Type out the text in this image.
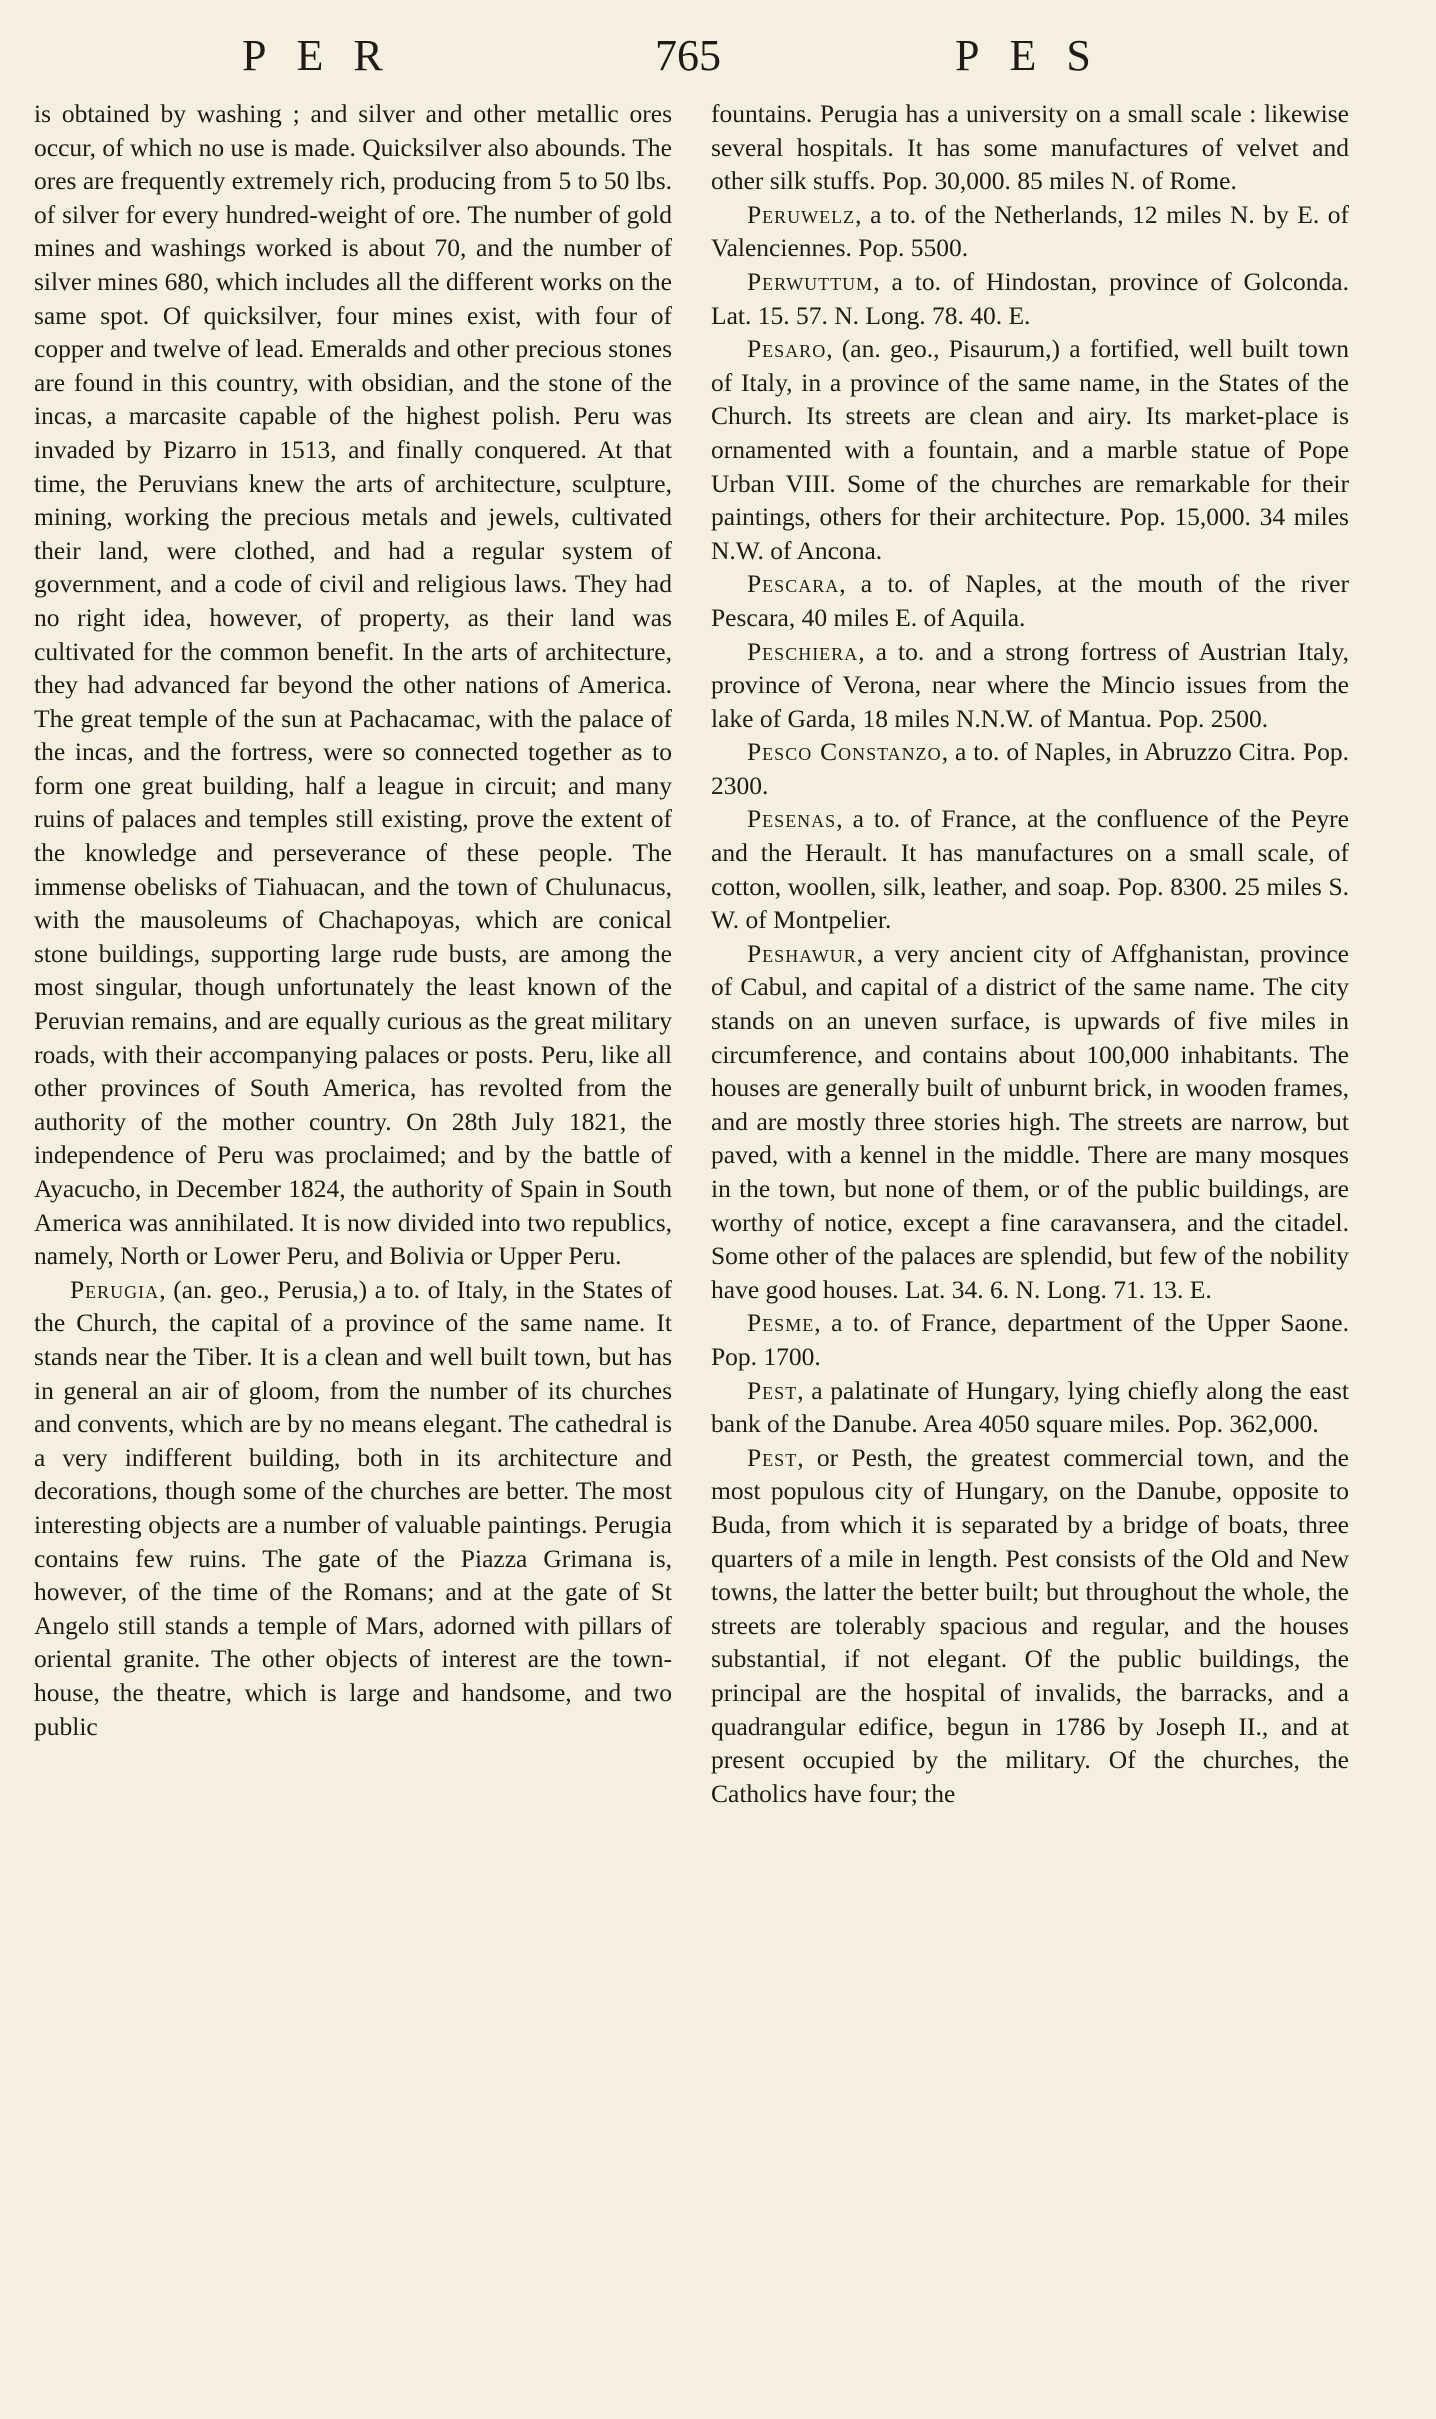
PER	765	PES

is obtained by washing ; and silver and other metallic ores occur, of which no use is made. Quicksilver also abounds. The ores are frequently extremely rich, producing from 5 to 50 lbs. of silver for every hundred-weight of ore. The number of gold mines and washings worked is about 70, and the number of silver mines 680, which includes all the different works on the same spot. Of quicksilver, four mines exist, with four of copper and twelve of lead. Emeralds and other precious stones are found in this country, with obsidian, and the stone of the incas, a marcasite capable of the highest polish. Peru was invaded by Pizarro in 1513, and finally conquered. At that time, the Peruvians knew the arts of architecture, sculpture, mining, working the precious metals and jewels, cultivated their land, were clothed, and had a regular system of government, and a code of civil and religious laws. They had no right idea, however, of property, as their land was cultivated for the common benefit. In the arts of architecture, they had advanced far beyond the other nations of America. The great temple of the sun at Pachacamac, with the palace of the incas, and the fortress, were so connected together as to form one great building, half a league in circuit; and many ruins of palaces and temples still existing, prove the extent of the knowledge and perseverance of these people. The immense obelisks of Tiahuacan, and the town of Chulunacus, with the mausoleums of Chachapoyas, which are conical stone buildings, supporting large rude busts, are among the most singular, though unfortunately the least known of the Peruvian remains, and are equally curious as the great military roads, with their accompanying palaces or posts. Peru, like all other provinces of South America, has revolted from the authority of the mother country. On 28th July 1821, the independence of Peru was proclaimed; and by the battle of Ayacucho, in December 1824, the authority of Spain in South America was annihilated. It is now divided into two republics, namely, North or Lower Peru, and Bolivia or Upper Peru.

Perugia, (an. geo., Perusia,) a to. of Italy, in the States of the Church, the capital of a province of the same name. It stands near the Tiber. It is a clean and well built town, but has in general an air of gloom, from the number of its churches and convents, which are by no means elegant. The cathedral is a very indifferent building, both in its architecture and decorations, though some of the churches are better. The most interesting objects are a number of valuable paintings. Perugia contains few ruins. The gate of the Piazza Grimana is, however, of the time of the Romans; and at the gate of St Angelo still stands a temple of Mars, adorned with pillars of oriental granite. The other objects of interest are the town-house, the theatre, which is large and handsome, and two public

fountains. Perugia has a university on a small scale : likewise several hospitals. It has some manufactures of velvet and other silk stuffs. Pop. 30,000. 85 miles N. of Rome.

Peruwelz, a to. of the Netherlands, 12 miles N. by E. of Valenciennes. Pop. 5500.

Perwuttum, a to. of Hindostan, province of Golconda. Lat. 15. 57. N. Long. 78. 40. E.

Pesaro, (an. geo., Pisaurum,) a fortified, well built town of Italy, in a province of the same name, in the States of the Church. Its streets are clean and airy. Its market-place is ornamented with a fountain, and a marble statue of Pope Urban VIII. Some of the churches are remarkable for their paintings, others for their architecture. Pop. 15,000. 34 miles N.W. of Ancona.

Pescara, a to. of Naples, at the mouth of the river Pescara, 40 miles E. of Aquila.

Peschiera, a to. and a strong fortress of Austrian Italy, province of Verona, near where the Mincio issues from the lake of Garda, 18 miles N.N.W. of Mantua. Pop. 2500.

Pesco Constanzo, a to. of Naples, in Abruzzo Citra. Pop. 2300.

Pesenas, a to. of France, at the confluence of the Peyre and the Herault. It has manufactures on a small scale, of cotton, woollen, silk, leather, and soap. Pop. 8300. 25 miles S. W. of Montpelier.

Peshawur, a very ancient city of Affghanistan, province of Cabul, and capital of a district of the same name. The city stands on an uneven surface, is upwards of five miles in circumference, and contains about 100,000 inhabitants. The houses are generally built of unburnt brick, in wooden frames, and are mostly three stories high. The streets are narrow, but paved, with a kennel in the middle. There are many mosques in the town, but none of them, or of the public buildings, are worthy of notice, except a fine caravansera, and the citadel. Some other of the palaces are splendid, but few of the nobility have good houses. Lat. 34. 6. N. Long. 71. 13. E.

Pesme, a to. of France, department of the Upper Saone. Pop. 1700.

Pest, a palatinate of Hungary, lying chiefly along the east bank of the Danube. Area 4050 square miles. Pop. 362,000.

Pest, or Pesth, the greatest commercial town, and the most populous city of Hungary, on the Danube, opposite to Buda, from which it is separated by a bridge of boats, three quarters of a mile in length. Pest consists of the Old and New towns, the latter the better built; but throughout the whole, the streets are tolerably spacious and regular, and the houses substantial, if not elegant. Of the public buildings, the principal are the hospital of invalids, the barracks, and a quadrangular edifice, begun in 1786 by Joseph II., and at present occupied by the military. Of the churches, the Catholics have four; the
